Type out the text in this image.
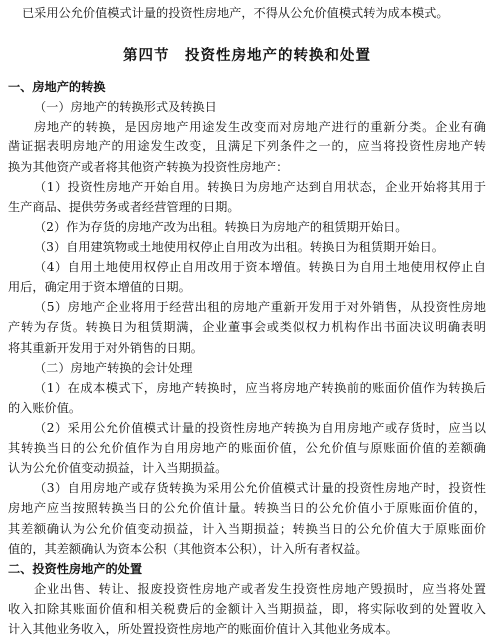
已采用公允价值模式计量的投资性房地产，不得从公允价值模式转为成本模式。
第四节　投资性房地产的转换和处置
一、房地产的转换
（一）房地产的转换形式及转换日
房地产的转换，是因房地产用途发生改变而对房地产进行的重新分类。企业有确
凿证据表明房地产的用途发生改变，且满足下列条件之一的，应当将投资性房地产转
换为其他资产或者将其他资产转换为投资性房地产：
（1）投资性房地产开始自用。转换日为房地产达到自用状态，企业开始将其用于
生产商品、提供劳务或者经营管理的日期。
（2）作为存货的房地产改为出租。转换日为房地产的租赁期开始日。
（3）自用建筑物或土地使用权停止自用改为出租。转换日为租赁期开始日。
（4）自用土地使用权停止自用改用于资本增值。转换日为自用土地使用权停止自
用后，确定用于资本增值的日期。
（5）房地产企业将用于经营出租的房地产重新开发用于对外销售，从投资性房地
产转为存货。转换日为租赁期满，企业董事会或类似权力机构作出书面决议明确表明
将其重新开发用于对外销售的日期。
（二）房地产转换的会计处理
（1）在成本模式下，房地产转换时，应当将房地产转换前的账面价值作为转换后
的入账价值。
（2）采用公允价值模式计量的投资性房地产转换为自用房地产或存货时，应当以
其转换当日的公允价值作为自用房地产的账面价值，公允价值与原账面价值的差额确
认为公允价值变动损益，计入当期损益。
（3）自用房地产或存货转换为采用公允价值模式计量的投资性房地产时，投资性
房地产应当按照转换当日的公允价值计量。转换当日的公允价值小于原账面价值的，
其差额确认为公允价值变动损益，计入当期损益；转换当日的公允价值大于原账面价
值的，其差额确认为资本公积（其他资本公积），计入所有者权益。
二、投资性房地产的处置
企业出售、转让、报废投资性房地产或者发生投资性房地产毁损时，应当将处置
收入扣除其账面价值和相关税费后的金额计入当期损益，即，将实际收到的处置收入
计入其他业务收入，所处置投资性房地产的账面价值计入其他业务成本。
